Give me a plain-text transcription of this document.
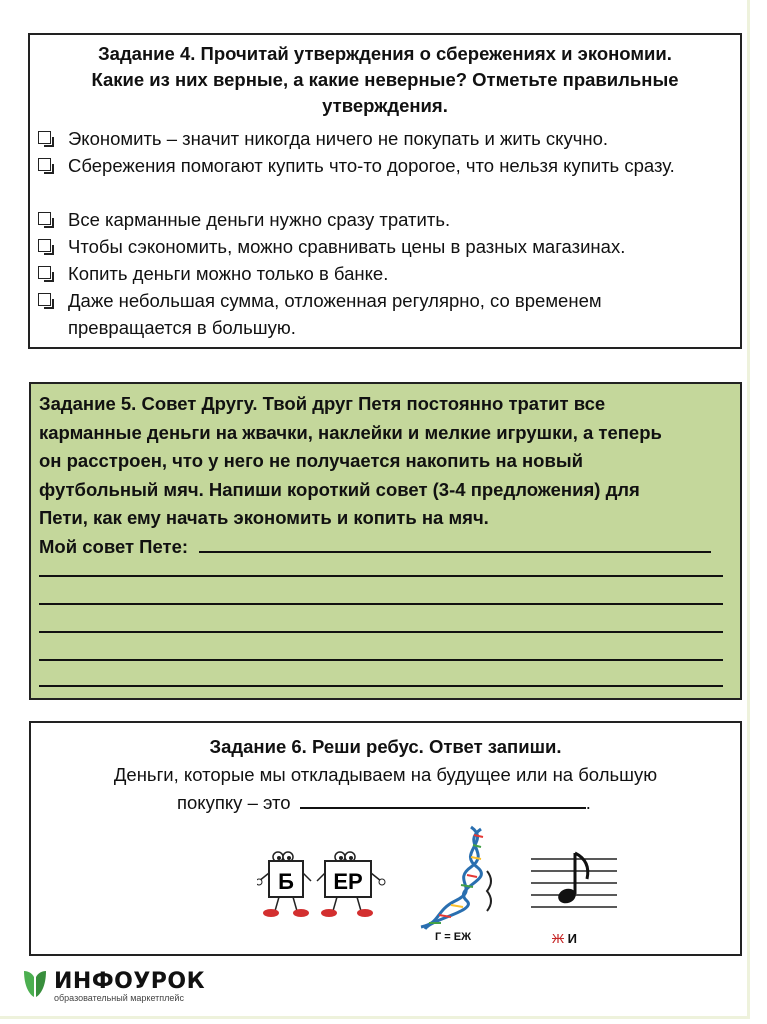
Задание 4. Прочитай утверждения о сбережениях и экономии. Какие из них верные, а какие неверные? Отметьте правильные утверждения.
Экономить – значит никогда ничего не покупать и жить скучно.
Сбережения помогают купить что-то дорогое, что нельзя купить сразу.
Все карманные деньги нужно сразу тратить.
Чтобы сэкономить, можно сравнивать цены в разных магазинах.
Копить деньги можно только в банке.
Даже небольшая сумма, отложенная регулярно, со временем превращается в большую.
Задание 5. Совет Другу. Твой друг Петя постоянно тратит все
карманные деньги на жвачки, наклейки и мелкие игрушки, а теперь
он расстроен, что у него не получается накопить на новый
футбольный мяч. Напиши короткий совет (3-4 предложения) для
Пети, как ему начать экономить и копить на мяч.
Мой совет Пете:
Задание 6. Реши ребус. Ответ запиши.
Деньги, которые мы откладываем на будущее или на большую
покупку – это	.
Б ЕР
Г = ЕЖ	Ж И
ИНФОУРОК
образовательный маркетплейс
